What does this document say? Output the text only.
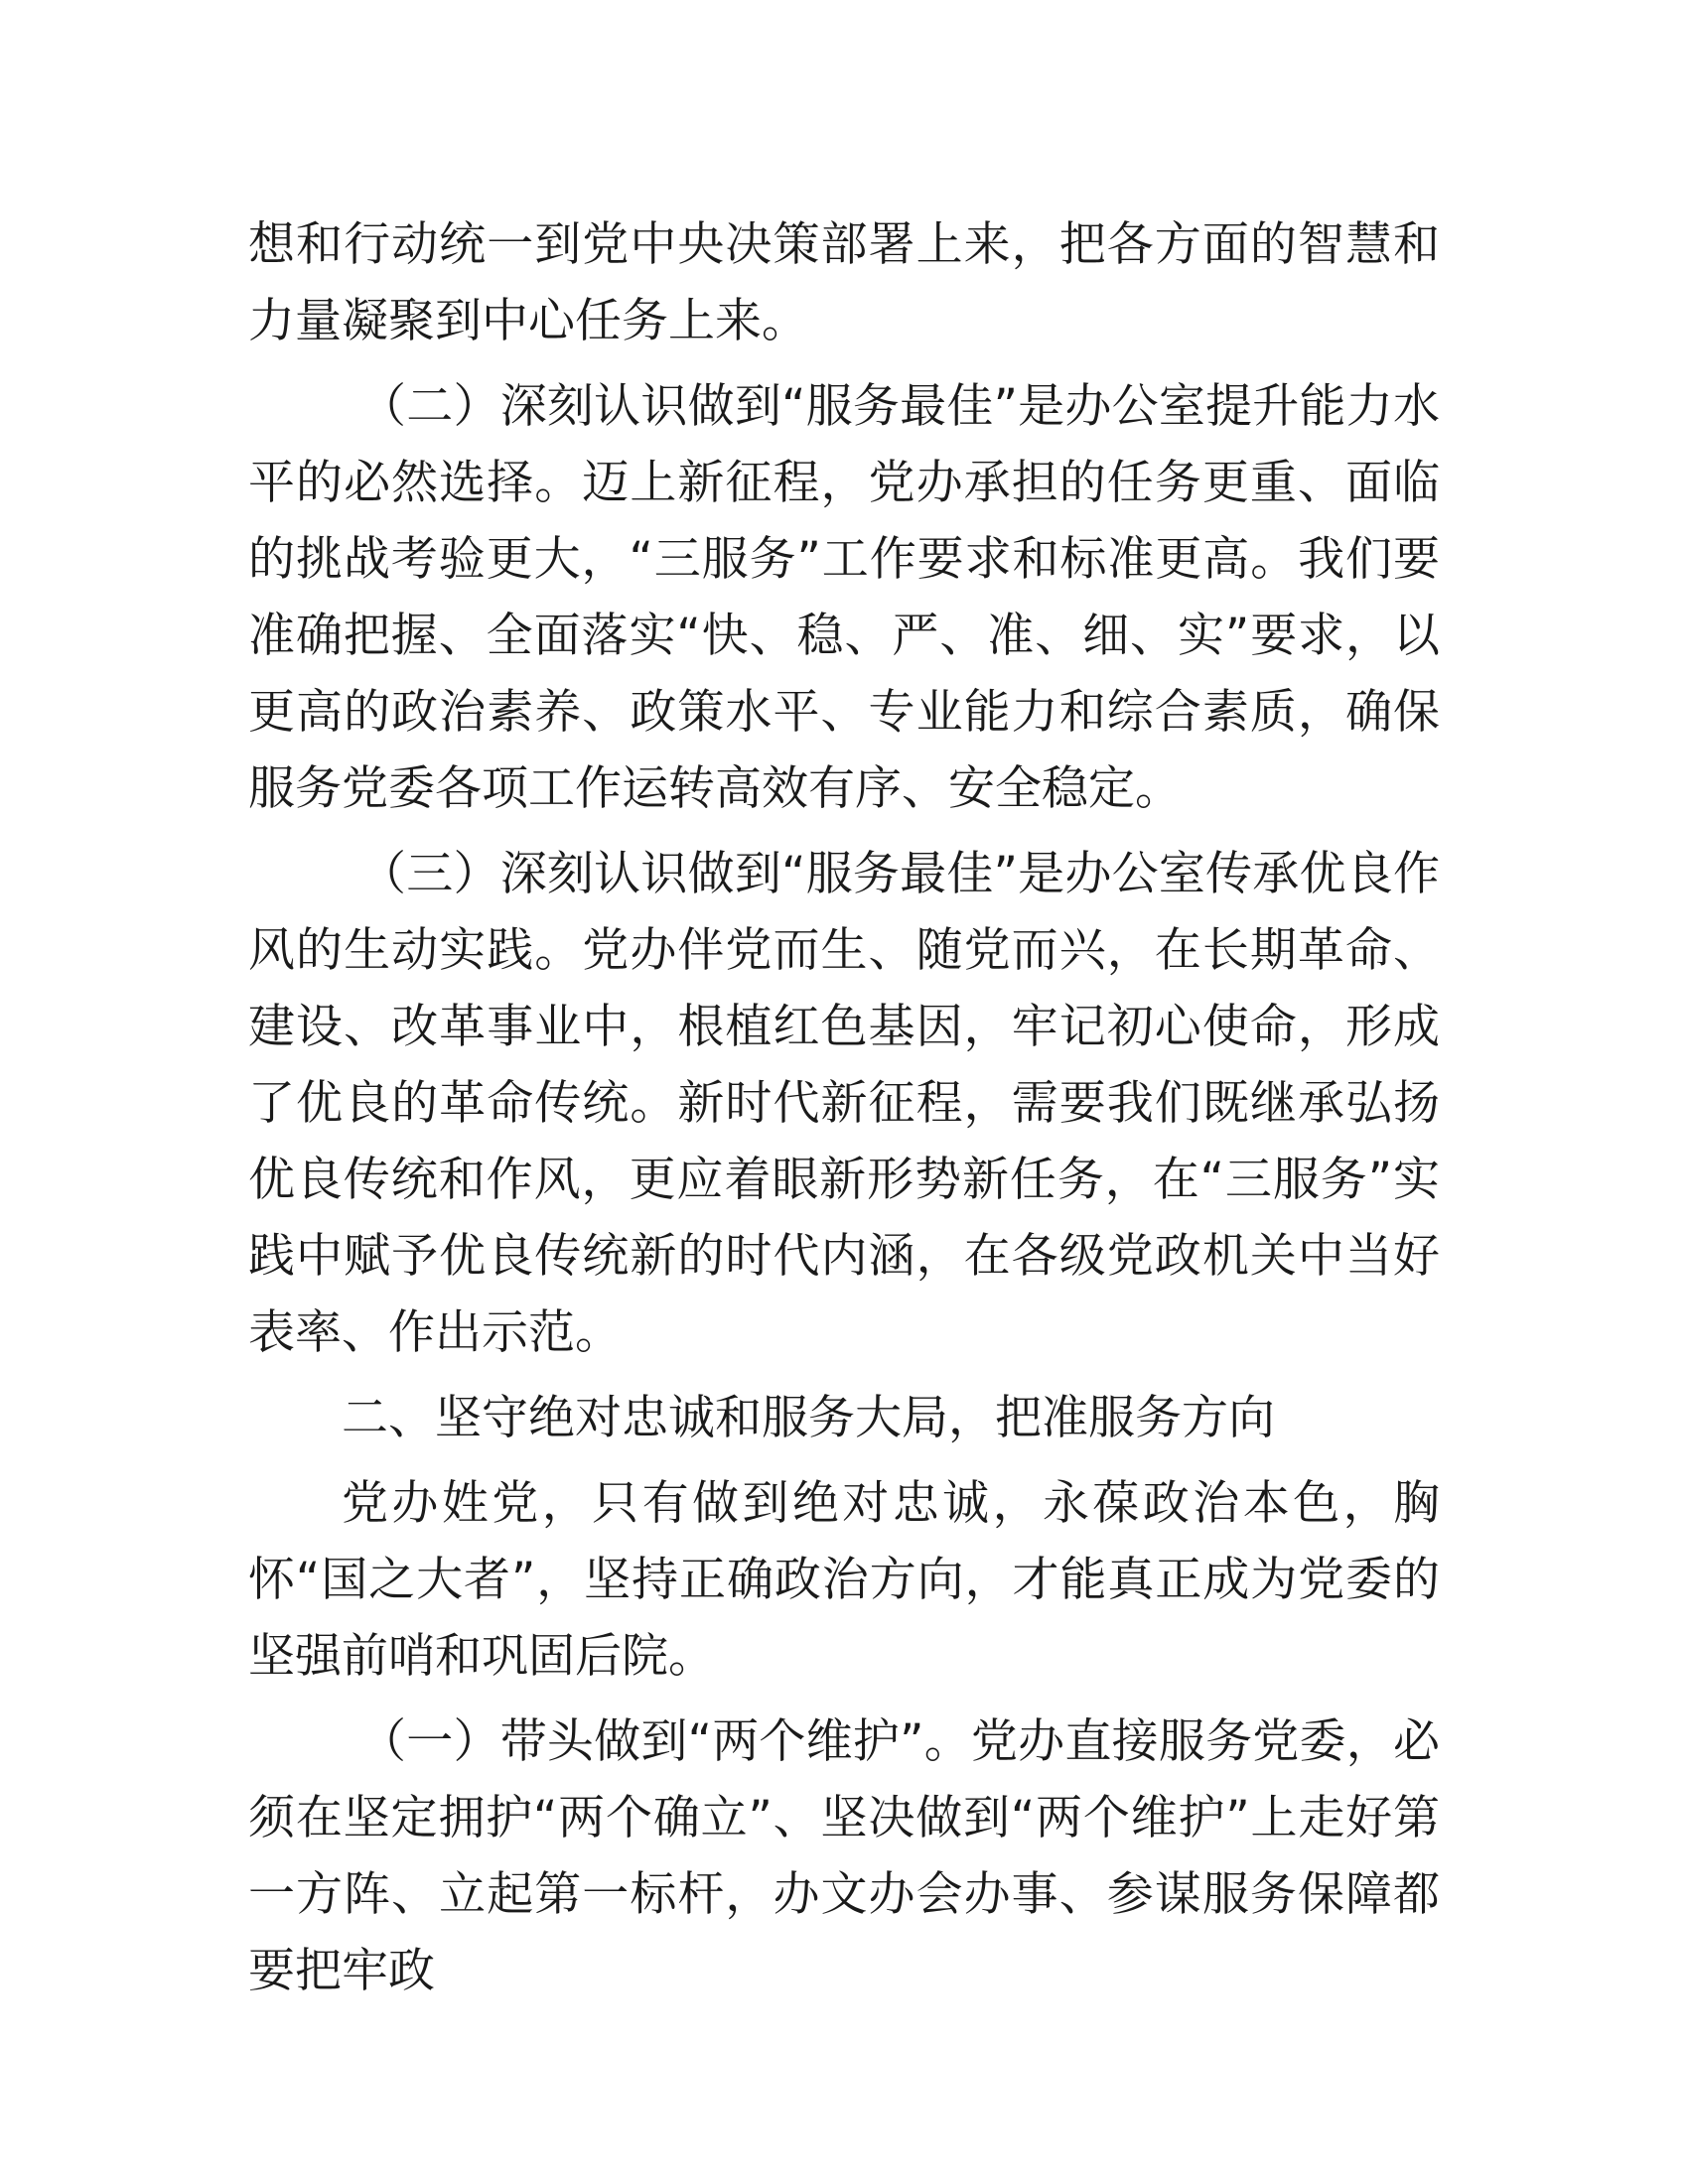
想和行动统一到党中央决策部署上来，把各方面的智慧和力量凝聚到中心任务上来。

（二）深刻认识做到“服务最佳”是办公室提升能力水平的必然选择。迈上新征程，党办承担的任务更重、面临的挑战考验更大，“三服务”工作要求和标准更高。我们要准确把握、全面落实“快、稳、严、准、细、实”要求，以更高的政治素养、政策水平、专业能力和综合素质，确保服务党委各项工作运转高效有序、安全稳定。

（三）深刻认识做到“服务最佳”是办公室传承优良作风的生动实践。党办伴党而生、随党而兴，在长期革命、建设、改革事业中，根植红色基因，牢记初心使命，形成了优良的革命传统。新时代新征程，需要我们既继承弘扬优良传统和作风，更应着眼新形势新任务，在“三服务”实践中赋予优良传统新的时代内涵，在各级党政机关中当好表率、作出示范。

二、坚守绝对忠诚和服务大局，把准服务方向

党办姓党，只有做到绝对忠诚，永葆政治本色，胸怀“国之大者”，坚持正确政治方向，才能真正成为党委的坚强前哨和巩固后院。

（一）带头做到“两个维护”。党办直接服务党委，必须在坚定拥护“两个确立”、坚决做到“两个维护”上走好第一方阵、立起第一标杆，办文办会办事、参谋服务保障都要把牢政
